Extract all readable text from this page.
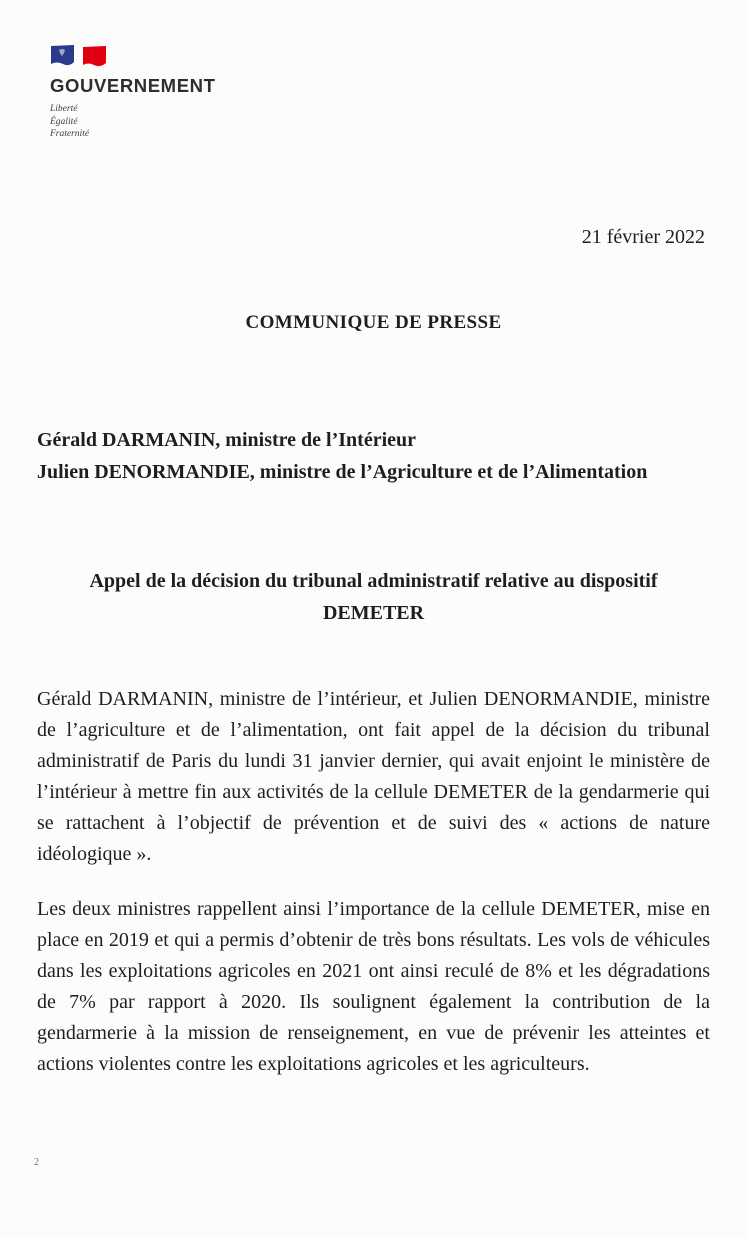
GOUVERNEMENT
Liberté
Égalité
Fraternité
21 février 2022
COMMUNIQUE DE PRESSE

Gérald DARMANIN, ministre de l’Intérieur

Julien DENORMANDIE, ministre de l’Agriculture et de l’Alimentation

Appel de la décision du tribunal administratif relative au dispositif DEMETER

Gérald DARMANIN, ministre de l’intérieur, et Julien DENORMANDIE, ministre de l’agriculture et de l’alimentation, ont fait appel de la décision du tribunal administratif de Paris du lundi 31 janvier dernier, qui avait enjoint le ministère de l’intérieur à mettre fin aux activités de la cellule DEMETER de la gendarmerie qui se rattachent à l’objectif de prévention et de suivi des « actions de nature idéologique ».

Les deux ministres rappellent ainsi l’importance de la cellule DEMETER, mise en place en 2019 et qui a permis d’obtenir de très bons résultats. Les vols de véhicules dans les exploitations agricoles en 2021 ont ainsi reculé de 8% et les dégradations de 7% par rapport à 2020. Ils soulignent également la contribution de la gendarmerie à la mission de renseignement, en vue de prévenir les atteintes et actions violentes contre les exploitations agricoles et les agriculteurs.

2
